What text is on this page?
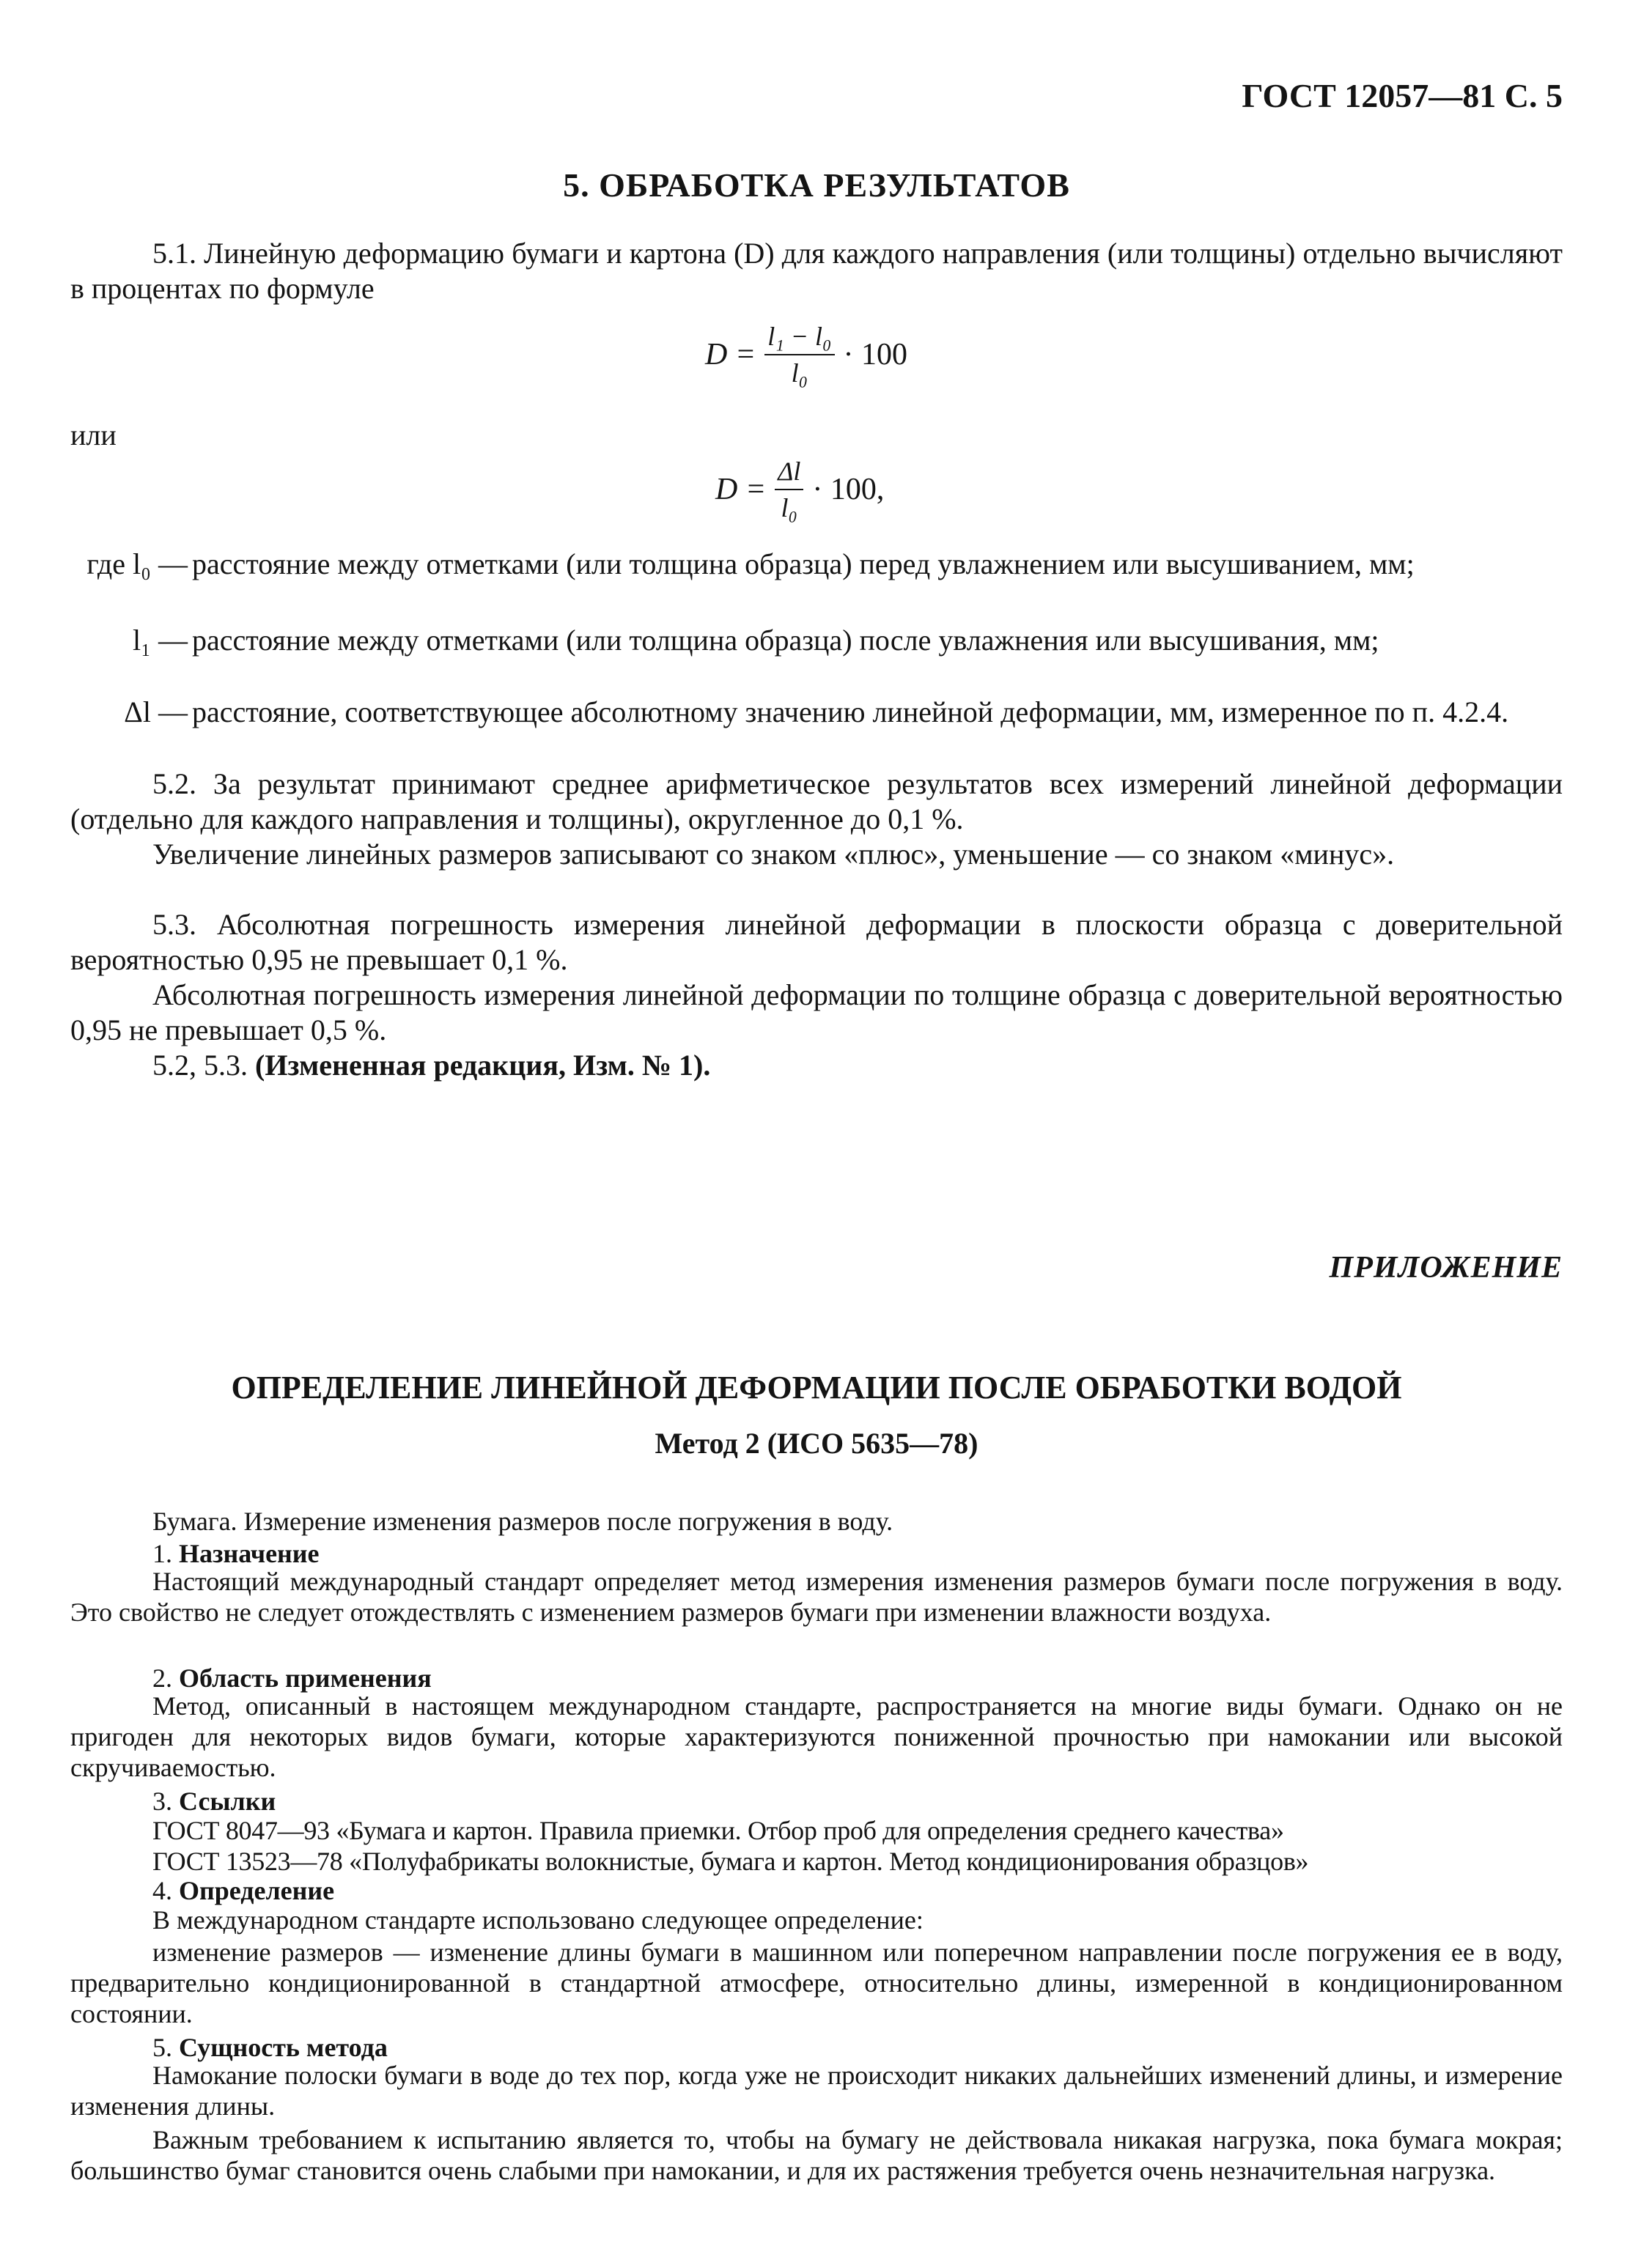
ГОСТ 12057—81 С. 5
5. ОБРАБОТКА РЕЗУЛЬТАТОВ
5.1. Линейную деформацию бумаги и картона (D) для каждого направления (или толщины) отдельно вычисляют в процентах по формуле
$D = \frac{\text{l₁ − l₀}}{\text{l₀}} \cdot 100$
или
$D = \frac{\Delta l}{\text{l₀}} \cdot 100$,
где l₀ — расстояние между отметками (или толщина образца) перед увлажнением или высушиванием, мм;
l₁ — расстояние между отметками (или толщина образца) после увлажнения или высушивания, мм;
Δl — расстояние, соответствующее абсолютному значению линейной деформации, мм, измеренное по п. 4.2.4.
5.2. За результат принимают среднее арифметическое результатов всех измерений линейной деформации (отдельно для каждого направления и толщины), округленное до 0,1 %.
Увеличение линейных размеров записывают со знаком «плюс», уменьшение — со знаком «минус».
5.3. Абсолютная погрешность измерения линейной деформации в плоскости образца с доверительной вероятностью 0,95 не превышает 0,1 %.
Абсолютная погрешность измерения линейной деформации по толщине образца с доверительной вероятностью 0,95 не превышает 0,5 %.
5.2, 5.3. (Измененная редакция, Изм. № 1).
ПРИЛОЖЕНИЕ
ОПРЕДЕЛЕНИЕ ЛИНЕЙНОЙ ДЕФОРМАЦИИ ПОСЛЕ ОБРАБОТКИ ВОДОЙ
Метод 2 (ИСО 5635—78)
Бумага. Измерение изменения размеров после погружения в воду.
1. Назначение
Настоящий международный стандарт определяет метод измерения изменения размеров бумаги после погружения в воду. Это свойство не следует отождествлять с изменением размеров бумаги при изменении влажности воздуха.
2. Область применения
Метод, описанный в настоящем международном стандарте, распространяется на многие виды бумаги. Однако он не пригоден для некоторых видов бумаги, которые характеризуются пониженной прочностью при намокании или высокой скручиваемостью.
3. Ссылки
ГОСТ 8047—93 «Бумага и картон. Правила приемки. Отбор проб для определения среднего качества»
ГОСТ 13523—78 «Полуфабрикаты волокнистые, бумага и картон. Метод кондиционирования образцов»
4. Определение
В международном стандарте использовано следующее определение:
изменение размеров — изменение длины бумаги в машинном или поперечном направлении после погружения ее в воду, предварительно кондиционированной в стандартной атмосфере, относительно длины, измеренной в кондиционированном состоянии.
5. Сущность метода
Намокание полоски бумаги в воде до тех пор, когда уже не происходит никаких дальнейших изменений длины, и измерение изменения длины.
Важным требованием к испытанию является то, чтобы на бумагу не действовала никакая нагрузка, пока бумага мокрая; большинство бумаг становится очень слабыми при намокании, и для их растяжения требуется очень незначительная нагрузка.
